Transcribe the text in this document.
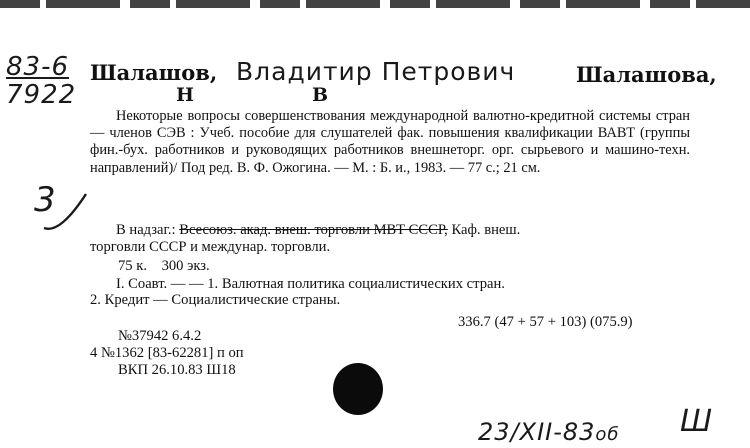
83-6
7922
Шалашов, Владитир Петрович	Шалашова,
Н	В
3
Некоторые вопросы совершенствования международной валютно-кредитной системы стран — членов СЭВ : Учеб. пособие для слушателей фак. повышения квалификации ВАВТ (группы фин.-бух. работников и руководящих работников внешнеторг. орг. сырьевого и машино-техн. направлений)/ Под ред. В. Ф. Ожогина. — М. : Б. и., 1983. — 77 с.; 21 см.
В надзаг.: Всесоюз. акад. внеш. торговли МВТ СССР, Каф. внеш.
торговли СССР и междунар. торговли.
75 к.    300 экз.
I. Соавт. — — 1. Валютная политика социалистических стран.
2. Кредит — Социалистические страны.
336.7 (47 + 57 + 103) (075.9)
№37942 6.4.2
4 №1362 [83-62281] п оп
ВКП 26.10.83 Ш18
23/XII-83об Ш
